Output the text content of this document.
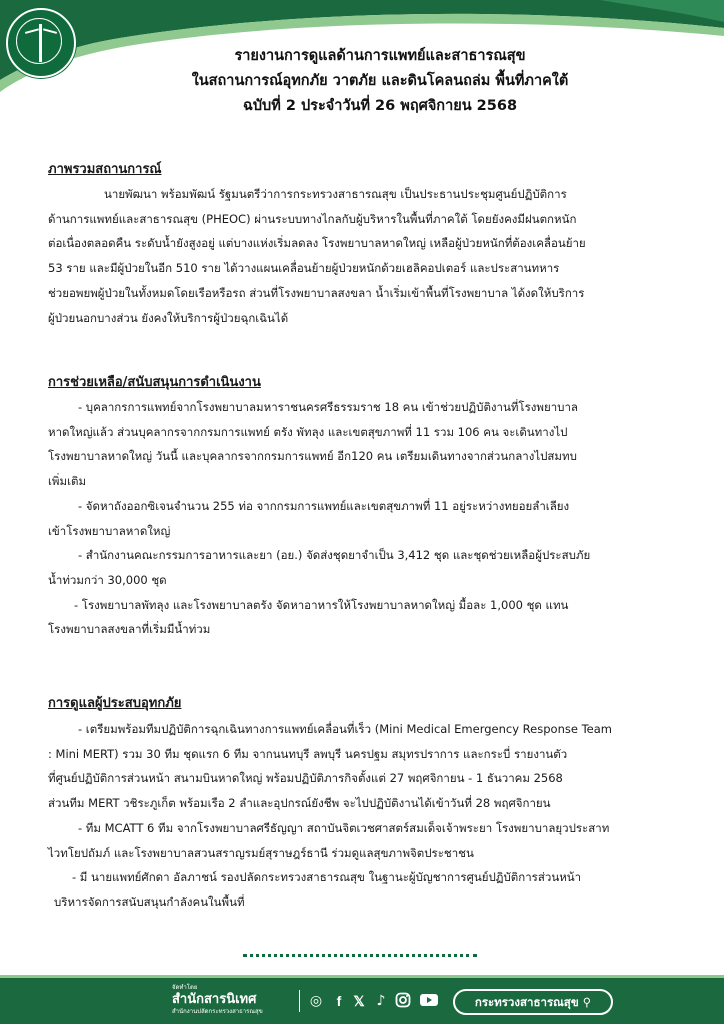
รายงานการดูแลด้านการแพทย์และสาธารณสุข
ในสถานการณ์อุทกภัย วาตภัย และดินโคลนถล่ม พื้นที่ภาคใต้
ฉบับที่ 2 ประจำวันที่ 26 พฤศจิกายน 2568

ภาพรวมสถานการณ์

นายพัฒนา พร้อมพัฒน์ รัฐมนตรีว่าการกระทรวงสาธารณสุข เป็นประธานประชุมศูนย์ปฏิบัติการ
ด้านการแพทย์และสาธารณสุข (PHEOC) ผ่านระบบทางไกลกับผู้บริหารในพื้นที่ภาคใต้ โดยยังคงมีฝนตกหนัก
ต่อเนื่องตลอดคืน ระดับน้ำยังสูงอยู่ แต่บางแห่งเริ่มลดลง โรงพยาบาลหาดใหญ่ เหลือผู้ป่วยหนักที่ต้องเคลื่อนย้าย
53 ราย และมีผู้ป่วยในอีก 510 ราย ได้วางแผนเคลื่อนย้ายผู้ป่วยหนักด้วยเฮลิคอปเตอร์ และประสานทหาร
ช่วยอพยพผู้ป่วยในทั้งหมดโดยเรือหรือรถ ส่วนที่โรงพยาบาลสงขลา น้ำเริ่มเข้าพื้นที่โรงพยาบาล ได้งดให้บริการ
ผู้ป่วยนอกบางส่วน ยังคงให้บริการผู้ป่วยฉุกเฉินได้

การช่วยเหลือ/สนับสนุนการดำเนินงาน

- บุคลากรการแพทย์จากโรงพยาบาลมหาราชนครศรีธรรมราช 18 คน เข้าช่วยปฏิบัติงานที่โรงพยาบาล
หาดใหญ่แล้ว ส่วนบุคลากรจากกรมการแพทย์ ตรัง พัทลุง และเขตสุขภาพที่ 11 รวม 106 คน จะเดินทางไป
โรงพยาบาลหาดใหญ่ วันนี้ และบุคลากรจากกรมการแพทย์ อีก120 คน เตรียมเดินทางจากส่วนกลางไปสมทบ
เพิ่มเติม
- จัดหาถังออกซิเจนจำนวน 255 ท่อ จากกรมการแพทย์และเขตสุขภาพที่ 11 อยู่ระหว่างทยอยลำเลียง
เข้าโรงพยาบาลหาดใหญ่
- สำนักงานคณะกรรมการอาหารและยา (อย.) จัดส่งชุดยาจำเป็น 3,412 ชุด และชุดช่วยเหลือผู้ประสบภัย
น้ำท่วมกว่า 30,000 ชุด
- โรงพยาบาลพัทลุง และโรงพยาบาลตรัง จัดหาอาหารให้โรงพยาบาลหาดใหญ่ มื้อละ 1,000 ชุด แทน
โรงพยาบาลสงขลาที่เริ่มมีน้ำท่วม

การดูแลผู้ประสบอุทกภัย

- เตรียมพร้อมทีมปฏิบัติการฉุกเฉินทางการแพทย์เคลื่อนที่เร็ว (Mini Medical Emergency Response Team
: Mini MERT) รวม 30 ทีม ชุดแรก 6 ทีม จากนนทบุรี ลพบุรี นครปฐม สมุทรปราการ และกระบี่ รายงานตัว
ที่ศูนย์ปฏิบัติการส่วนหน้า สนามบินหาดใหญ่ พร้อมปฏิบัติภารกิจตั้งแต่ 27 พฤศจิกายน - 1 ธันวาคม 2568
ส่วนทีม MERT วชิระภูเก็ต พร้อมเรือ 2 ลำและอุปกรณ์ยังชีพ จะไปปฏิบัติงานได้เข้าวันที่ 28 พฤศจิกายน
- ทีม MCATT 6 ทีม จากโรงพยาบาลศรีธัญญา สถาบันจิตเวชศาสตร์สมเด็จเจ้าพระยา โรงพยาบาลยุวประสาท
ไวทโยปถัมภ์ และโรงพยาบาลสวนสราญรมย์สุราษฎร์ธานี ร่วมดูแลสุขภาพจิตประชาชน
- มี นายแพทย์ศักดา อัลภาชน์ รองปลัดกระทรวงสาธารณสุข ในฐานะผู้บัญชาการศูนย์ปฏิบัติการส่วนหน้า
บริหารจัดการสนับสนุนกำลังคนในพื้นที่
จัดทำโดย
สำนักสารนิเทศ
สำนักงานปลัดกระทรวงสาธารณสุข
◎	f 𝕏 ♪	กระทรวงสาธารณสุข ⚲
